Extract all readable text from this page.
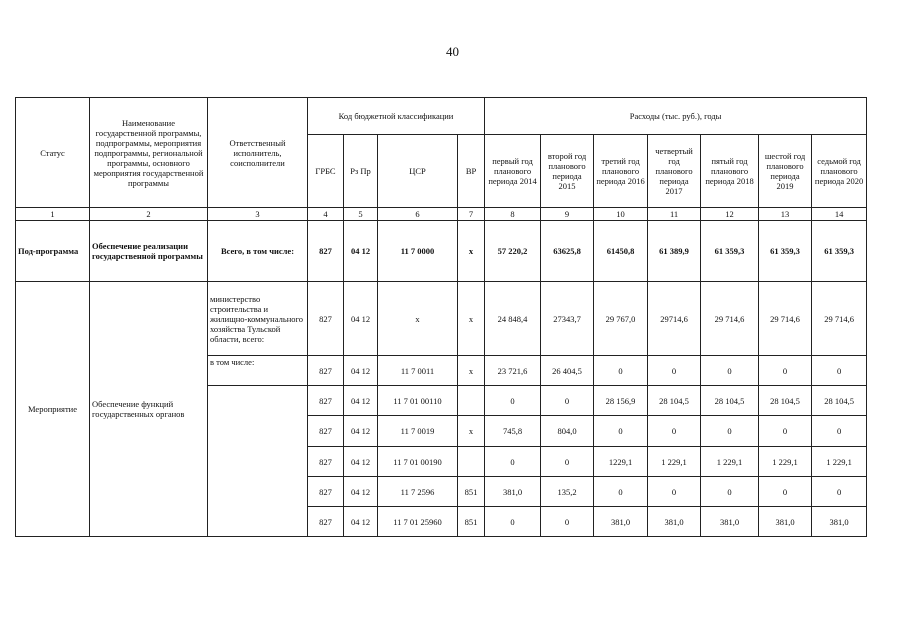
40
Статус	Наименование государственной программы, подпрограммы, мероприятия подпрограммы, региональной программы, основного мероприятия государственной программы	Ответственный исполнитель, соисполнители	Код бюджетной классификации				Расходы (тыс. руб.), годы						
			ГРБС	Рз Пр	ЦСР	ВР	первый год планового периода 2014	второй год планового периода 2015	третий год планового периода 2016	четвертый год планового периода 2017	пятый год планового периода 2018	шестой год планового периода 2019	седьмой год планового периода 2020
1	2	3	4	5	6	7	8	9	10	11	12	13	14
Под-программа	Обеспечение реализации государственной программы	Всего, в том числе:	827	04 12	11 7 0000	х	57 220,2	63625,8	61450,8	61 389,9	61 359,3	61 359,3	61 359,3
Мероприятие	Обеспечение функций государственных органов	министерство строительства и жилищно-коммунального хозяйства Тульской области, всего:	827	04 12	х	х	24 848,4	27343,7	29 767,0	29714,6	29 714,6	29 714,6	29 714,6
		в том числе:	827	04 12	11 7 0011	х	23 721,6	26 404,5	0	0	0	0	0
			827	04 12	11 7 01 00110		0	0	28 156,9	28 104,5	28 104,5	28 104,5	28 104,5
			827	04 12	11 7 0019	х	745,8	804,0	0	0	0	0	0
			827	04 12	11 7 01 00190		0	0	1229,1	1 229,1	1 229,1	1 229,1	1 229,1
			827	04 12	11 7 2596	851	381,0	135,2	0	0	0	0	0
			827	04 12	11 7 01 25960	851	0	0	381,0	381,0	381,0	381,0	381,0
